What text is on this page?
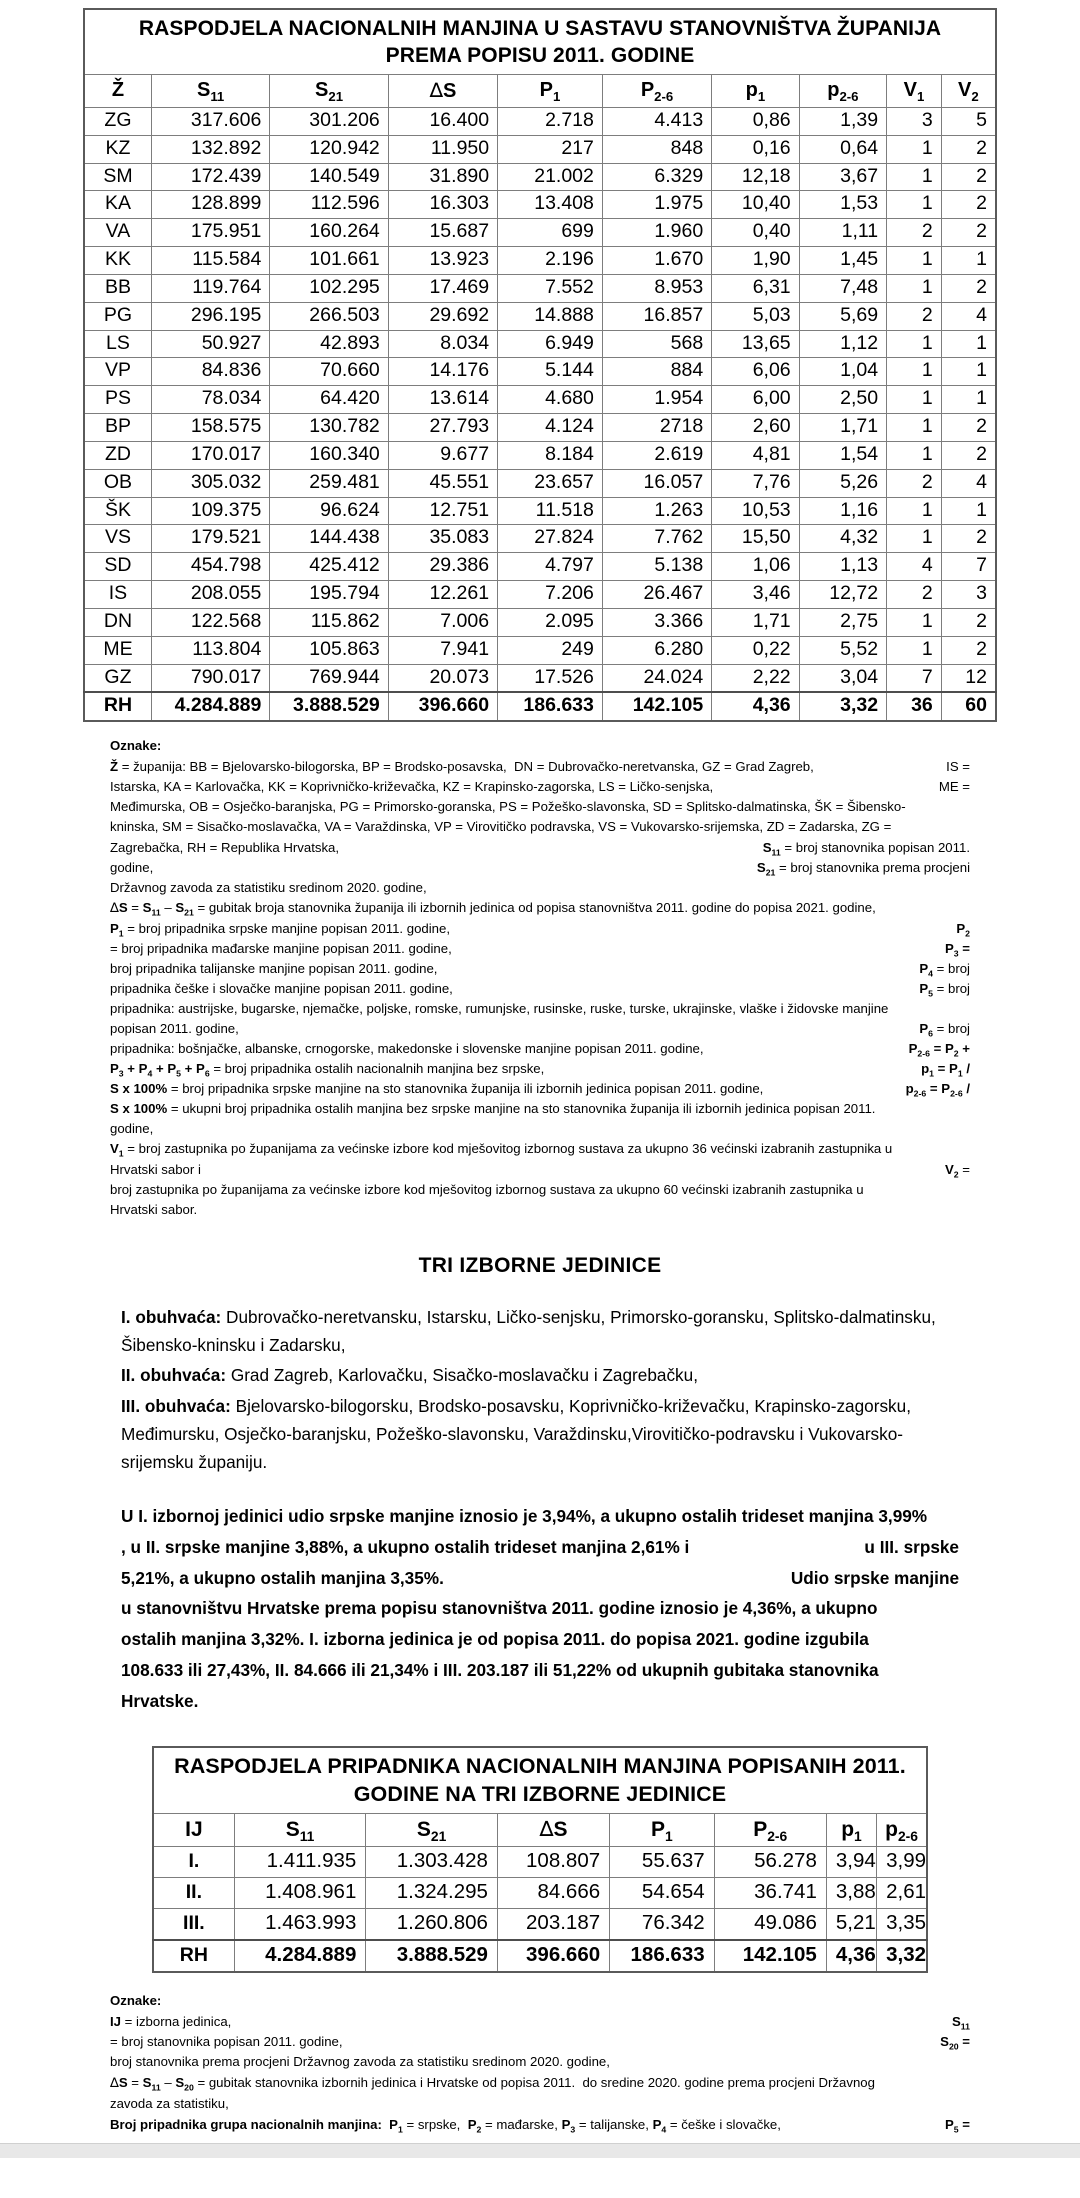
RASPODJELA NACIONALNIH MANJINA U SASTAVU STANOVNIŠTVA ŽUPANIJA
PREMA POPISU 2011. GODINE									
Ž	$S_{11}$	$S_{21}$	∆S	$P_1$	$P_{2-6}$	$p_1$	$p_{2-6}$	$V_1$	$V_2$
ZG	317.606	301.206	16.400	2.718	4.413	0,86	1,39	3	5
KZ	132.892	120.942	11.950	217	848	0,16	0,64	1	2
SM	172.439	140.549	31.890	21.002	6.329	12,18	3,67	1	2
KA	128.899	112.596	16.303	13.408	1.975	10,40	1,53	1	2
VA	175.951	160.264	15.687	699	1.960	0,40	1,11	2	2
KK	115.584	101.661	13.923	2.196	1.670	1,90	1,45	1	1
BB	119.764	102.295	17.469	7.552	8.953	6,31	7,48	1	2
PG	296.195	266.503	29.692	14.888	16.857	5,03	5,69	2	4
LS	50.927	42.893	8.034	6.949	568	13,65	1,12	1	1
VP	84.836	70.660	14.176	5.144	884	6,06	1,04	1	1
PS	78.034	64.420	13.614	4.680	1.954	6,00	2,50	1	1
BP	158.575	130.782	27.793	4.124	2718	2,60	1,71	1	2
ZD	170.017	160.340	9.677	8.184	2.619	4,81	1,54	1	2
OB	305.032	259.481	45.551	23.657	16.057	7,76	5,26	2	4
ŠK	109.375	96.624	12.751	11.518	1.263	10,53	1,16	1	1
VS	179.521	144.438	35.083	27.824	7.762	15,50	4,32	1	2
SD	454.798	425.412	29.386	4.797	5.138	1,06	1,13	4	7
IS	208.055	195.794	12.261	7.206	26.467	3,46	12,72	2	3
DN	122.568	115.862	7.006	2.095	3.366	1,71	2,75	1	2
ME	113.804	105.863	7.941	249	6.280	0,22	5,52	1	2
GZ	790.017	769.944	20.073	17.526	24.024	2,22	3,04	7	12
RH	4.284.889	3.888.529	396.660	186.633	142.105	4,36	3,32	36	60
Oznake:

Ž = županija: BB = Bjelovarsko-bilogorska, BP = Brodsko-posavska,  DN = Dubrovačko-neretvanska, GZ = Grad Zagreb,	IS =

Istarska, KA = Karlovačka, KK = Koprivničko-križevačka, KZ = Krapinsko-zagorska, LS = Ličko-senjska,	ME =

Međimurska, OB = Osječko-baranjska, PG = Primorsko-goranska, PS = Požeško-slavonska, SD = Splitsko-dalmatinska, ŠK = Šibensko-

kninska, SM = Sisačko-moslavačka, VA = Varaždinska, VP = Virovitičko podravska, VS = Vukovarsko-srijemska, ZD = Zadarska, ZG =

Zagrebačka, RH = Republika Hrvatska,	$S_{11}$ = broj stanovnika popisan 2011.

godine,	$S_{21}$ = broj stanovnika prema procjeni

Državnog zavoda za statistiku sredinom 2020. godine,

$\Delta S = S_{11} - S_{21}$ = gubitak broja stanovnika županija ili izbornih jedinica od popisa stanovništva 2011. godine do popisa 2021. godine,

$P_1$ = broj pripadnika srpske manjine popisan 2011. godine,	$P_2$

= broj pripadnika mađarske manjine popisan 2011. godine,	$P_3$ =

broj pripadnika talijanske manjine popisan 2011. godine,	$P_4$ = broj

pripadnika češke i slovačke manjine popisan 2011. godine,	$P_5$ = broj

pripadnika: austrijske, bugarske, njemačke, poljske, romske, rumunjske, rusinske, ruske, turske, ukrajinske, vlaške i židovske manjine

popisan 2011. godine,	$P_6$ = broj

pripadnika: bošnjačke, albanske, crnogorske, makedonske i slovenske manjine popisan 2011. godine,	$P_{2-6} = P_2$ +

$P_3 + P_4 + P_5 + P_6$ = broj pripadnika ostalih nacionalnih manjina bez srpske,	$p_1 = P_1$ /

S x 100% = broj pripadnika srpske manjine na sto stanovnika županija ili izbornih jedinica popisan 2011. godine,	$p_{2-6} = P_{2-6}$ /

S x 100% = ukupni broj pripadnika ostalih manjina bez srpske manjine na sto stanovnika županija ili izbornih jedinica popisan 2011.

godine,

$V_1$ = broj zastupnika po županijama za većinske izbore kod mješovitog izbornog sustava za ukupno 36 većinski izabranih zastupnika u

Hrvatski sabor i	$V_2$ =

broj zastupnika po županijama za većinske izbore kod mješovitog izbornog sustava za ukupno 60 većinski izabranih zastupnika u

Hrvatski sabor.

TRI IZBORNE JEDINICE

I. obuhvaća: Dubrovačko-neretvansku, Istarsku, Ličko-senjsku, Primorsko-goransku, Splitsko-dalmatinsku, Šibensko-kninsku i Zadarsku,

II. obuhvaća: Grad Zagreb, Karlovačku, Sisačko-moslavačku i Zagrebačku,

III. obuhvaća: Bjelovarsko-bilogorsku, Brodsko-posavsku, Koprivničko-križevačku, Krapinsko-zagorsku, Međimursku, Osječko-baranjsku, Požeško-slavonsku, Varaždinsku,Virovitičko-podravsku i Vukovarsko-srijemsku županiju.

U I. izbornoj jedinici udio srpske manjine iznosio je 3,94%, a ukupno ostalih trideset manjina 3,99%

, u II. srpske manjine 3,88%, a ukupno ostalih trideset manjina 2,61% i	u III. srpske

5,21%, a ukupno ostalih manjina 3,35%.	Udio srpske manjine

u stanovništvu Hrvatske prema popisu stanovništva 2011. godine iznosio je 4,36%, a ukupno

ostalih manjina 3,32%. I. izborna jedinica je od popisa 2011. do popisa 2021. godine izgubila

108.633 ili 27,43%, II. 84.666 ili 21,34% i III. 203.187 ili 51,22% od ukupnih gubitaka stanovnika

Hrvatske.

RASPODJELA PRIPADNIKA NACIONALNIH MANJINA POPISANIH 2011.
GODINE NA TRI IZBORNE JEDINICE							
IJ	$S_{11}$	$S_{21}$	∆S	$P_1$	$P_{2-6}$	$p_1$	$p_{2-6}$
I.	1.411.935	1.303.428	108.807	55.637	56.278	3,94	3,99
II.	1.408.961	1.324.295	84.666	54.654	36.741	3,88	2,61
III.	1.463.993	1.260.806	203.187	76.342	49.086	5,21	3,35
RH	4.284.889	3.888.529	396.660	186.633	142.105	4,36	3,32
Oznake:

IJ = izborna jedinica,	$S_{11}$

= broj stanovnika popisan 2011. godine,	$S_{20}$ =

broj stanovnika prema procjeni Državnog zavoda za statistiku sredinom 2020. godine,

$\Delta S = S_{11} - S_{20}$ = gubitak stanovnika izbornih jedinica i Hrvatske od popisa 2011.  do sredine 2020. godine prema procjeni Državnog

zavoda za statistiku,

Broj pripadnika grupa nacionalnih manjina:  $P_1$ = srpske,  $P_2$ = mađarske, $P_3$ = talijanske, $P_4$ = češke i slovačke,	$P_5$ =
